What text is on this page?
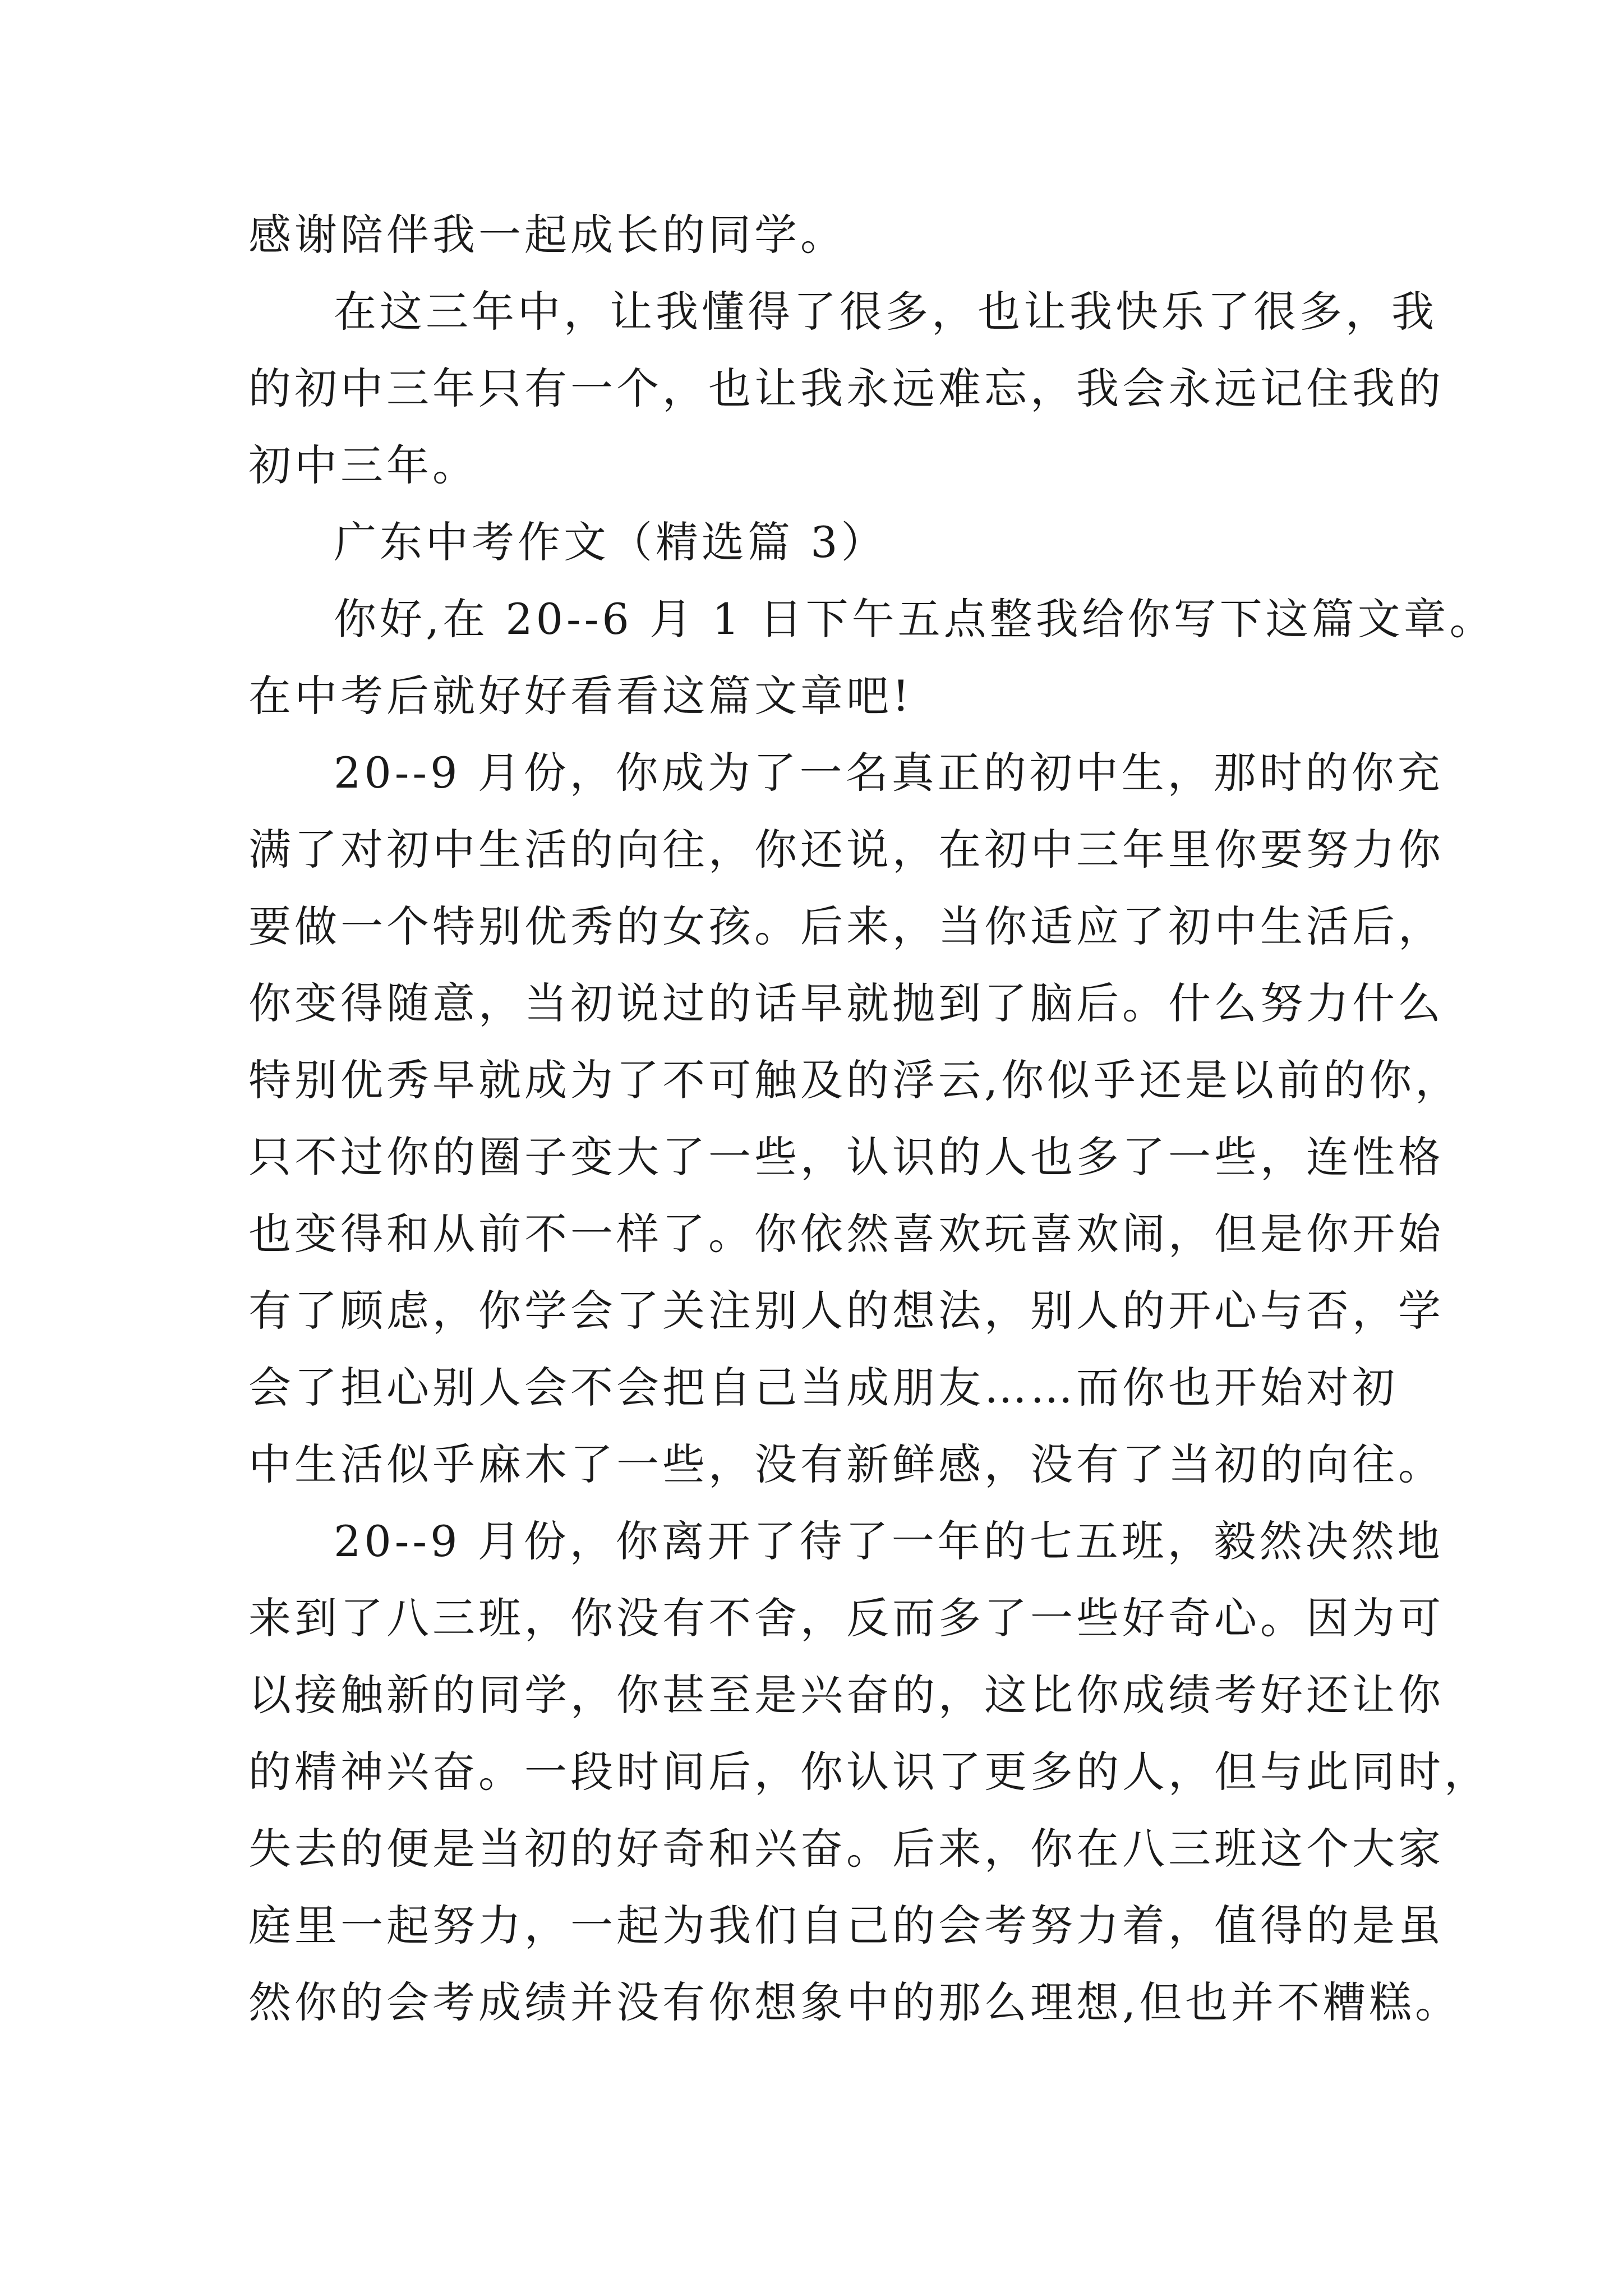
感谢陪伴我一起成长的同学。
在这三年中，让我懂得了很多，也让我快乐了很多，我
的初中三年只有一个，也让我永远难忘，我会永远记住我的
初中三年。
广东中考作文（精选篇 3）
你好,在 20--6 月 1 日下午五点整我给你写下这篇文章。
在中考后就好好看看这篇文章吧!
20--9 月份，你成为了一名真正的初中生，那时的你充
满了对初中生活的向往，你还说，在初中三年里你要努力你
要做一个特别优秀的女孩。后来，当你适应了初中生活后，
你变得随意，当初说过的话早就抛到了脑后。什么努力什么
特别优秀早就成为了不可触及的浮云,你似乎还是以前的你，
只不过你的圈子变大了一些，认识的人也多了一些，连性格
也变得和从前不一样了。你依然喜欢玩喜欢闹，但是你开始
有了顾虑，你学会了关注别人的想法，别人的开心与否，学
会了担心别人会不会把自己当成朋友……而你也开始对初
中生活似乎麻木了一些，没有新鲜感，没有了当初的向往。
20--9 月份，你离开了待了一年的七五班，毅然决然地
来到了八三班，你没有不舍，反而多了一些好奇心。因为可
以接触新的同学，你甚至是兴奋的，这比你成绩考好还让你
的精神兴奋。一段时间后，你认识了更多的人，但与此同时，
失去的便是当初的好奇和兴奋。后来，你在八三班这个大家
庭里一起努力，一起为我们自己的会考努力着，值得的是虽
然你的会考成绩并没有你想象中的那么理想,但也并不糟糕。
